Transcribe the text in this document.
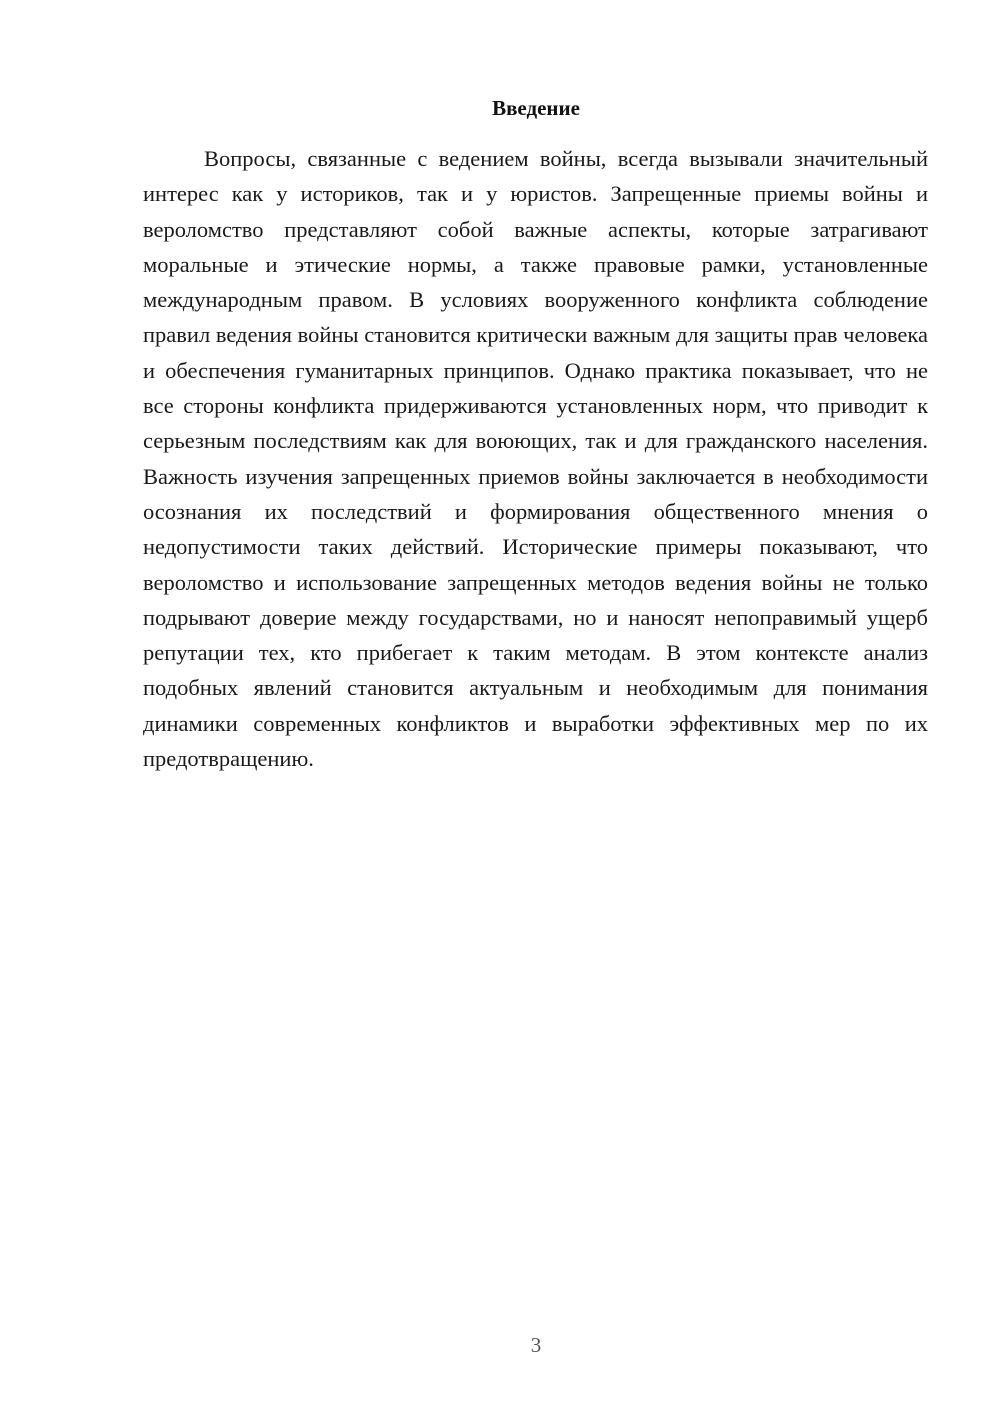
Введение

Вопросы, связанные с ведением войны, всегда вызывали значительный интерес как у историков, так и у юристов. Запрещенные приемы войны и вероломство представляют собой важные аспекты, которые затрагивают моральные и этические нормы, а также правовые рамки, установленные международным правом. В условиях вооруженного конфликта соблюдение правил ведения войны становится критически важным для защиты прав человека и обеспечения гуманитарных принципов. Однако практика показывает, что не все стороны конфликта придерживаются установленных норм, что приводит к серьезным последствиям как для воюющих, так и для гражданского населения. Важность изучения запрещенных приемов войны заключается в необходимости осознания их последствий и формирования общественного мнения о недопустимости таких действий. Исторические примеры показывают, что вероломство и использование запрещенных методов ведения войны не только подрывают доверие между государствами, но и наносят непоправимый ущерб репутации тех, кто прибегает к таким методам. В этом контексте анализ подобных явлений становится актуальным и необходимым для понимания динамики современных конфликтов и выработки эффективных мер по их предотвращению.

3
